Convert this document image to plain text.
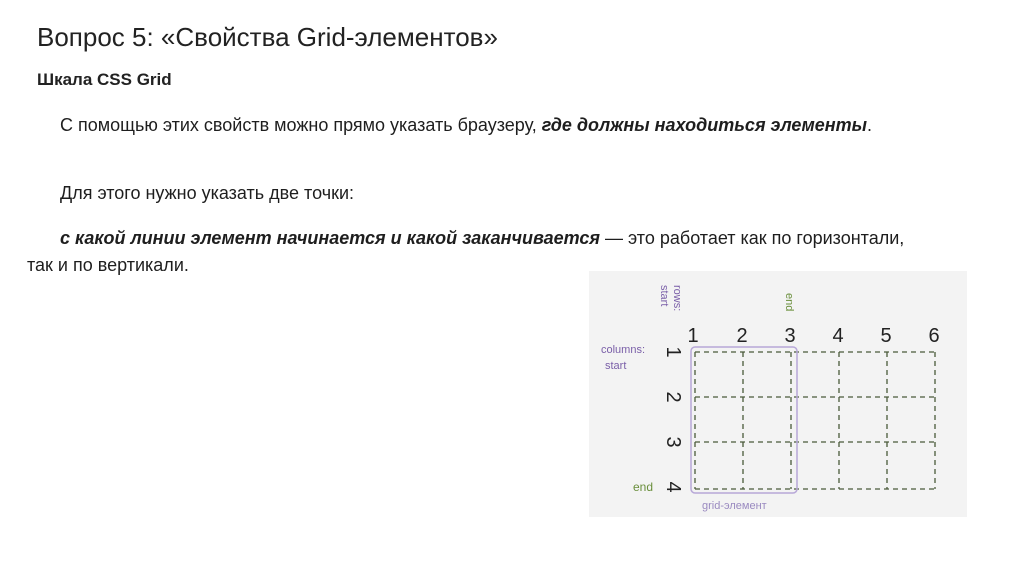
Вопрос 5: «Свойства Grid-элементов»
Шкала CSS Grid
С помощью этих свойств можно прямо указать браузеру, где должны находиться элементы.
Для этого нужно указать две точки:
с какой линии элемент начинается и какой заканчивается — это работает как по горизонтали, так и по вертикали.
1 2 3 4 5 6
1
2
3
4
rows:
start	end
columns:
start
end
grid-элемент
